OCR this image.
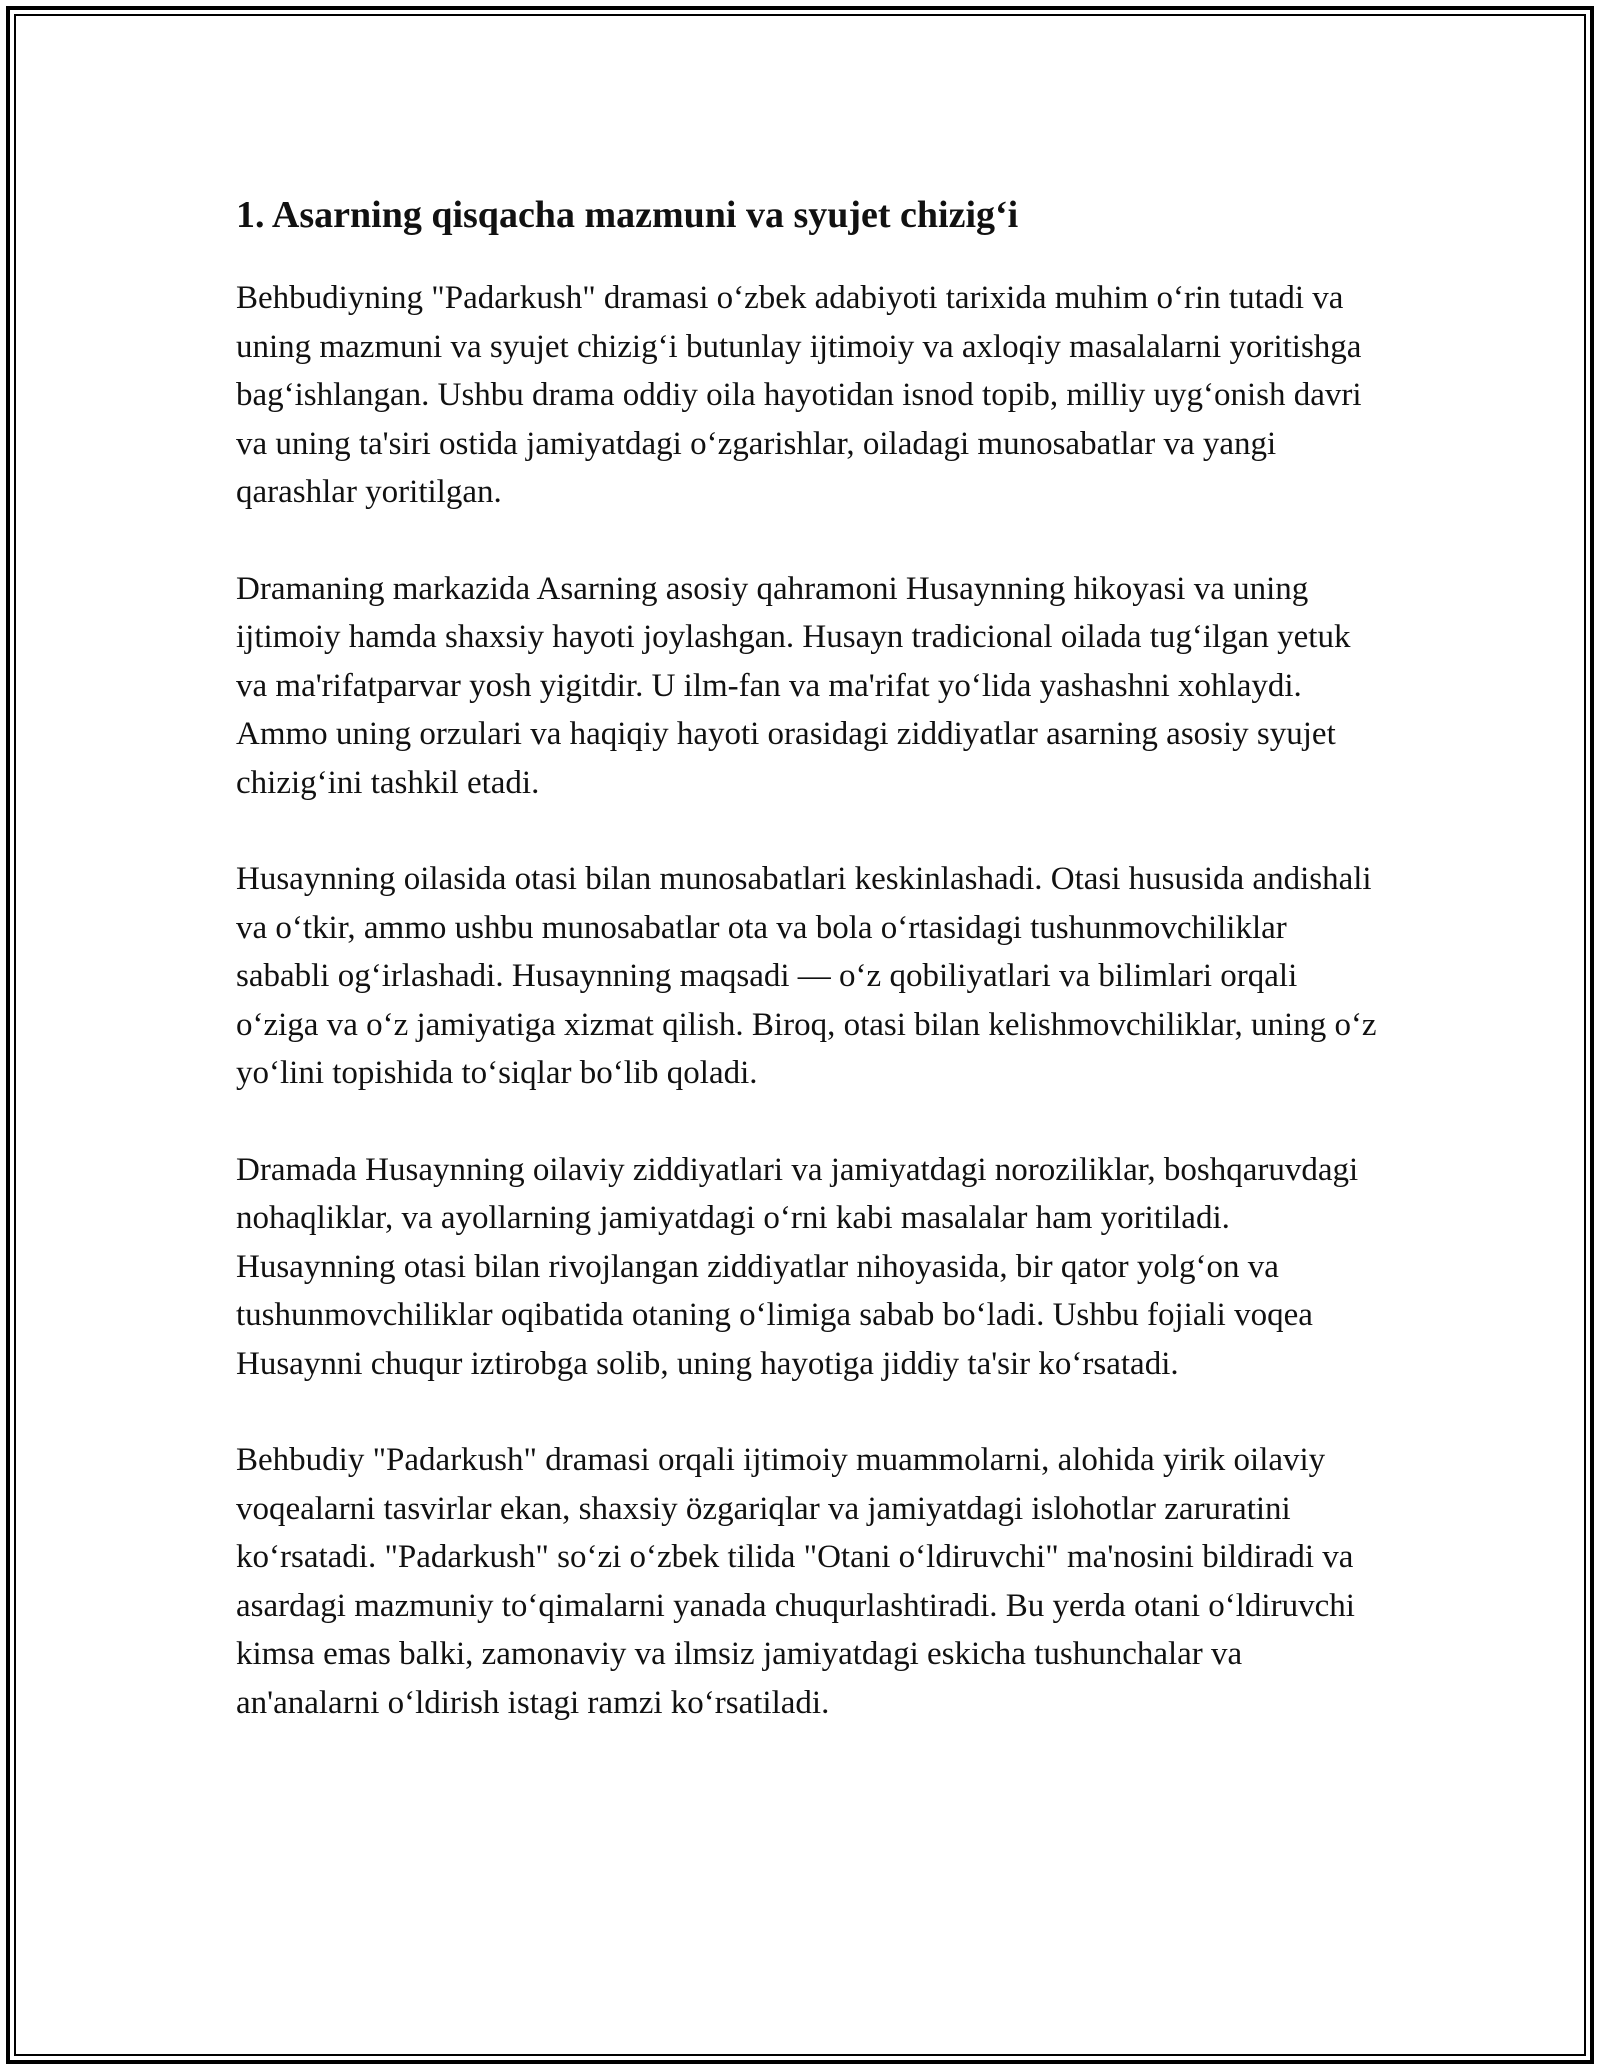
1. Asarning qisqacha mazmuni va syujet chizig‘i

Behbudiyning "Padarkush" dramasi o‘zbek adabiyoti tarixida muhim o‘rin tutadi va uning mazmuni va syujet chizig‘i butunlay ijtimoiy va axloqiy masalalarni yoritishga bag‘ishlangan. Ushbu drama oddiy oila hayotidan isnod topib, milliy uyg‘onish davri va uning ta'siri ostida jamiyatdagi o‘zgarishlar, oiladagi munosabatlar va yangi qarashlar yoritilgan.

Dramaning markazida Asarning asosiy qahramoni Husaynning hikoyasi va uning ijtimoiy hamda shaxsiy hayoti joylashgan. Husayn tradicional oilada tug‘ilgan yetuk va ma'rifatparvar yosh yigitdir. U ilm-fan va ma'rifat yo‘lida yashashni xohlaydi. Ammo uning orzulari va haqiqiy hayoti orasidagi ziddiyatlar asarning asosiy syujet chizig‘ini tashkil etadi.

Husaynning oilasida otasi bilan munosabatlari keskinlashadi. Otasi hususida andishali va o‘tkir, ammo ushbu munosabatlar ota va bola o‘rtasidagi tushunmovchiliklar sababli og‘irlashadi. Husaynning maqsadi — o‘z qobiliyatlari va bilimlari orqali o‘ziga va o‘z jamiyatiga xizmat qilish. Biroq, otasi bilan kelishmovchiliklar, uning o‘z yo‘lini topishida to‘siqlar bo‘lib qoladi.

Dramada Husaynning oilaviy ziddiyatlari va jamiyatdagi noroziliklar, boshqaruvdagi nohaqliklar, va ayollarning jamiyatdagi o‘rni kabi masalalar ham yoritiladi. Husaynning otasi bilan rivojlangan ziddiyatlar nihoyasida, bir qator yolg‘on va tushunmovchiliklar oqibatida otaning o‘limiga sabab bo‘ladi. Ushbu fojiali voqea Husaynni chuqur iztirobga solib, uning hayotiga jiddiy ta'sir ko‘rsatadi.

Behbudiy "Padarkush" dramasi orqali ijtimoiy muammolarni, alohida yirik oilaviy voqealarni tasvirlar ekan, shaxsiy özgariqlar va jamiyatdagi islohotlar zaruratini ko‘rsatadi. "Padarkush" so‘zi o‘zbek tilida "Otani o‘ldiruvchi" ma'nosini bildiradi va asardagi mazmuniy to‘qimalarni yanada chuqurlashtiradi. Bu yerda otani o‘ldiruvchi kimsa emas balki, zamonaviy va ilmsiz jamiyatdagi eskicha tushunchalar va an'analarni o‘ldirish istagi ramzi ko‘rsatiladi.
